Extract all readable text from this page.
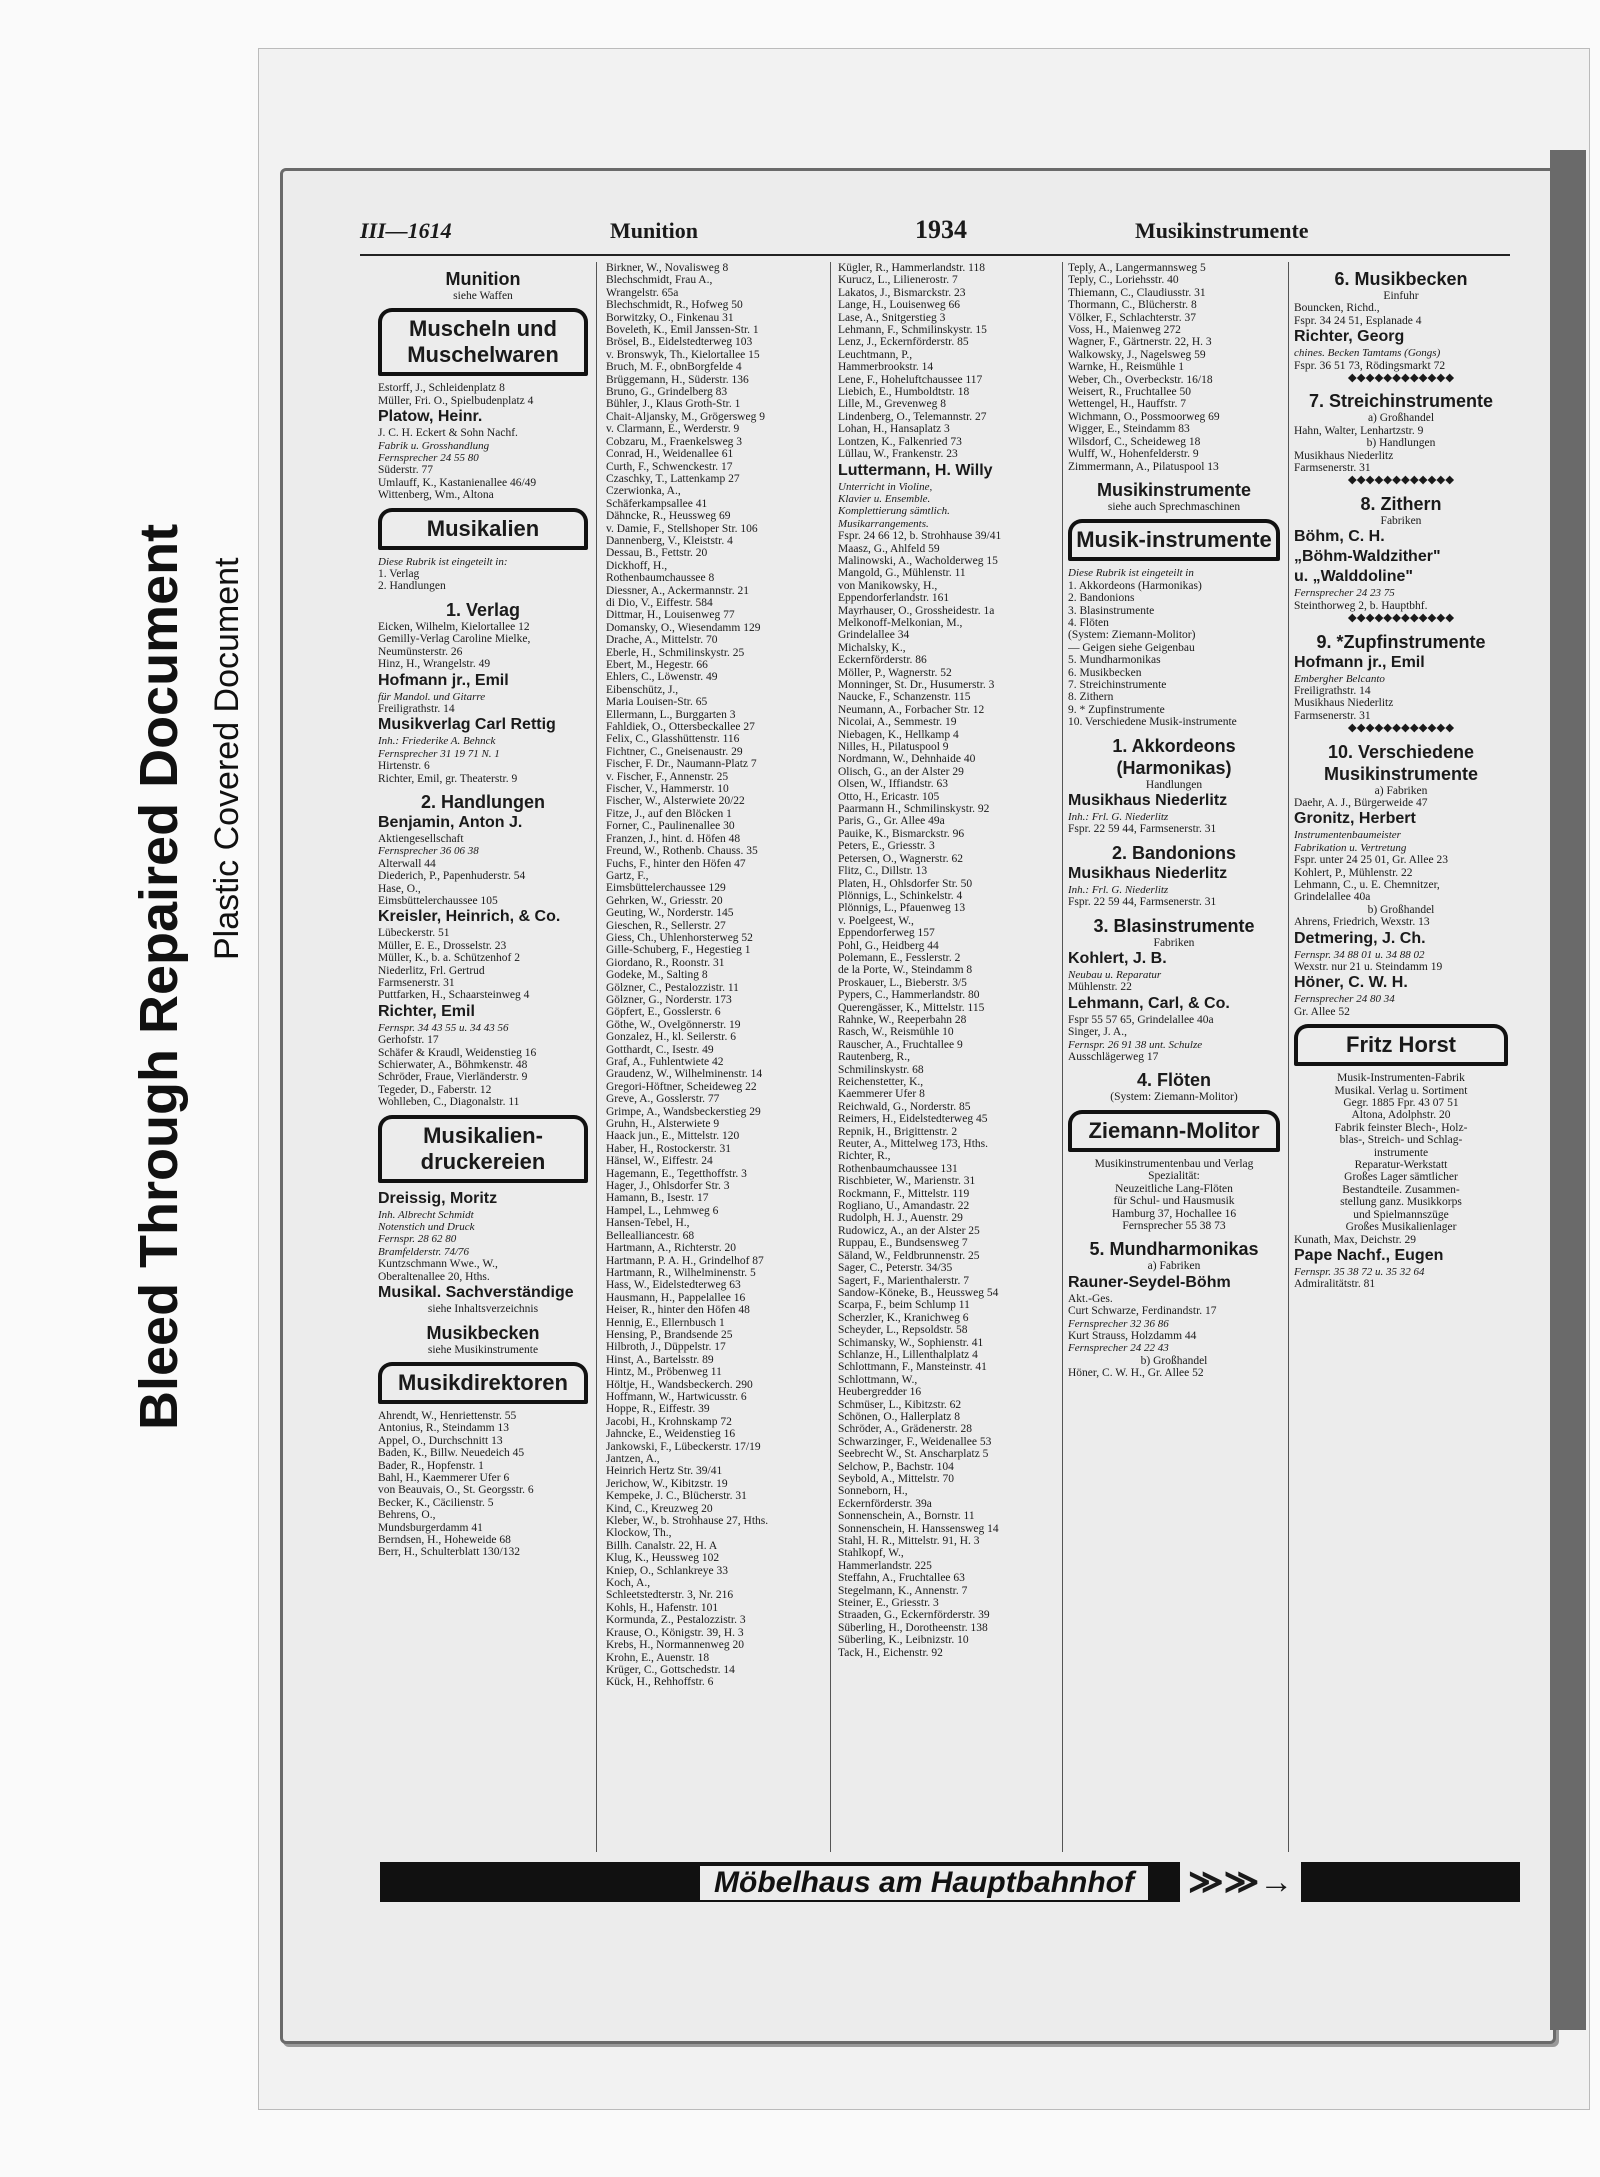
Bleed Through Repaired Document Plastic Covered Document
III—1614	Munition	1934	Musikinstrumente
Munition
siehe Waffen
Muscheln und Muschelwaren
Estorff, J., Schleidenplatz 8
Müller, Fri. O., Spielbudenplatz 4
Platow, Heinr.
J. C. H. Eckert & Sohn Nachf.
Fabrik u. Grosshandlung
Fernsprecher 24 55 80
Süderstr. 77
Umlauff, K., Kastanienallee 46/49
Wittenberg, Wm., Altona
Musikalien
Diese Rubrik ist eingeteilt in:
1. Verlag
2. Handlungen
1. Verlag
Eicken, Wilhelm, Kielortallee 12
Gemilly-Verlag Caroline Mielke,
Neumünsterstr. 26
Hinz, H., Wrangelstr. 49
Hofmann jr., Emil
für Mandol. und Gitarre
Freiligrathstr. 14
Musikverlag Carl Rettig
Inh.: Friederike A. Behnck
Fernsprecher 31 19 71 N. 1
Hirtenstr. 6
Richter, Emil, gr. Theaterstr. 9
2. Handlungen
Benjamin, Anton J.
Aktiengesellschaft
Fernsprecher 36 06 38
Alterwall 44
Diederich, P., Papenhuderstr. 54
Hase, O.,
Eimsbüttelerchaussee 105
Kreisler, Heinrich, & Co.
Lübeckerstr. 51
Müller, E. E., Drosselstr. 23
Müller, K., b. a. Schützenhof 2
Niederlitz, Frl. Gertrud
Farmsenerstr. 31
Puttfarken, H., Schaarsteinweg 4
Richter, Emil
Fernspr. 34 43 55 u. 34 43 56
Gerhofstr. 17
Schäfer & Kraudl, Weidenstieg 16
Schierwater, A., Böhmkenstr. 48
Schröder, Fraue, Vierländerstr. 9
Tegeder, D., Faberstr. 12
Wohlleben, C., Diagonalstr. 11
Musikalien-druckereien
Dreissig, Moritz
Inh. Albrecht Schmidt
Notenstich und Druck
Fernspr. 28 62 80
Bramfelderstr. 74/76
Kuntzschmann Wwe., W.,
Oberaltenallee 20, Hths.
Musikal. Sachverständige
siehe Inhaltsverzeichnis
Musikbecken
siehe Musikinstrumente
Musikdirektoren
Ahrendt, W., Henriettenstr. 55
Antonius, R., Steindamm 13
Appel, O., Durchschnitt 13
Baden, K., Billw. Neuedeich 45
Bader, R., Hopfenstr. 1
Bahl, H., Kaemmerer Ufer 6
von Beauvais, O., St. Georgsstr. 6
Becker, K., Cäcilienstr. 5
Behrens, O.,
Mundsburgerdamm 41
Berndsen, H., Hoheweide 68
Berr, H., Schulterblatt 130/132
Birkner, W., Novalisweg 8
Blechschmidt, Frau A.,
Wrangelstr. 65a
Blechschmidt, R., Hofweg 50
Borwitzky, O., Finkenau 31
Boveleth, K., Emil Janssen-Str. 1
Brösel, B., Eidelstedterweg 103
v. Bronswyk, Th., Kielortallee 15
Bruch, M. F., obnBorgfelde 4
Brüggemann, H., Süderstr. 136
Bruno, G., Grindelberg 83
Bühler, J., Klaus Groth-Str. 1
Chait-Aljansky, M., Grögersweg 9
v. Clarmann, E., Werderstr. 9
Cobzaru, M., Fraenkelsweg 3
Conrad, H., Weidenallee 61
Curth, F., Schwenckestr. 17
Czaschky, T., Lattenkamp 27
Czerwionka, A.,
Schäferkampsallee 41
Dähncke, R., Heussweg 69
v. Damie, F., Stellshoper Str. 106
Dannenberg, V., Kleiststr. 4
Dessau, B., Fettstr. 20
Dickhoff, H.,
Rothenbaumchaussee 8
Diessner, A., Ackermannstr. 21
di Dio, V., Eiffestr. 584
Dittmar, H., Louisenweg 77
Domansky, O., Wiesendamm 129
Drache, A., Mittelstr. 70
Eberle, H., Schmilinskystr. 25
Ebert, M., Hegestr. 66
Ehlers, C., Löwenstr. 49
Eibenschütz, J.,
Maria Louisen-Str. 65
Ellermann, L., Burggarten 3
Fahldiek, O., Ottersbeckallee 27
Felix, C., Glasshüttenstr. 116
Fichtner, C., Gneisenaustr. 29
Fischer, F. Dr., Naumann-Platz 7
v. Fischer, F., Annenstr. 25
Fischer, V., Hammerstr. 10
Fischer, W., Alsterwiete 20/22
Fitze, J., auf den Blöcken 1
Forner, C., Paulinenallee 30
Franzen, J., hint. d. Höfen 48
Freund, W., Rothenb. Chauss. 35
Fuchs, F., hinter den Höfen 47
Gartz, F.,
Eimsbüttelerchaussee 129
Gehrken, W., Griesstr. 20
Geuting, W., Norderstr. 145
Gieschen, R., Sellerstr. 27
Giess, Ch., Uhlenhorsterweg 52
Gille-Schuberg, F., Hegestieg 1
Giordano, R., Roonstr. 31
Godeke, M., Salting 8
Gölzner, C., Pestalozzistr. 11
Gölzner, G., Norderstr. 173
Göpfert, E., Gosslerstr. 6
Göthe, W., Ovelgönnerstr. 19
Gonzalez, H., kl. Seilerstr. 6
Gotthardt, C., Isestr. 49
Graf, A., Fuhlentwiete 42
Graudenz, W., Wilhelminenstr. 14
Gregori-Höftner, Scheideweg 22
Greve, A., Gosslerstr. 77
Grimpe, A., Wandsbeckerstieg 29
Gruhn, H., Alsterwiete 9
Haack jun., E., Mittelstr. 120
Haber, H., Rostockerstr. 31
Hänsel, W., Eiffestr. 24
Hagemann, E., Tegetthoffstr. 3
Hager, J., Ohlsdorfer Str. 3
Hamann, B., Isestr. 17
Hampel, L., Lehmweg 6
Hansen-Tebel, H.,
Bellealliancestr. 68
Hartmann, A., Richterstr. 20
Hartmann, P. A. H., Grindelhof 87
Hartmann, R., Wilhelminenstr. 5
Hass, W., Eidelstedterweg 63
Hausmann, H., Pappelallee 16
Heiser, R., hinter den Höfen 48
Hennig, E., Ellernbusch 1
Hensing, P., Brandsende 25
Hilbroth, J., Düppelstr. 17
Hinst, A., Bartelsstr. 89
Hintz, M., Pröbenweg 11
Höltje, H., Wandsbeckerch. 290
Hoffmann, W., Hartwicusstr. 6
Hoppe, R., Eiffestr. 39
Jacobi, H., Krohnskamp 72
Jahncke, E., Weidenstieg 16
Jankowski, F., Lübeckerstr. 17/19
Jantzen, A.,
Heinrich Hertz Str. 39/41
Jerichow, W., Kibitzstr. 19
Kempeke, J. C., Blücherstr. 31
Kind, C., Kreuzweg 20
Kleber, W., b. Strohhause 27, Hths.
Klockow, Th.,
Billh. Canalstr. 22, H. A
Klug, K., Heussweg 102
Kniep, O., Schlankreye 33
Koch, A.,
Schleetstedterstr. 3, Nr. 216
Kohls, H., Hafenstr. 101
Kormunda, Z., Pestalozzistr. 3
Krause, O., Königstr. 39, H. 3
Krebs, H., Normannenweg 20
Krohn, E., Auenstr. 18
Krüger, C., Gottschedstr. 14
Kück, H., Rehhoffstr. 6
Kügler, R., Hammerlandstr. 118
Kurucz, L., Lilienerostr. 7
Lakatos, J., Bismarckstr. 23
Lange, H., Louisenweg 66
Lase, A., Snitgerstieg 3
Lehmann, F., Schmilinskystr. 15
Lenz, J., Eckernförderstr. 85
Leuchtmann, P.,
Hammerbrookstr. 14
Lene, F., Hoheluftchaussee 117
Liebich, E., Humboldtstr. 18
Lille, M., Grevenweg 8
Lindenberg, O., Telemannstr. 27
Lohan, H., Hansaplatz 3
Lontzen, K., Falkenried 73
Lüllau, W., Frankenstr. 23
Luttermann, H. Willy
Unterricht in Violine,
Klavier u. Ensemble.
Komplettierung sämtlich.
Musikarrangements.
Fspr. 24 66 12, b. Strohhause 39/41
Maasz, G., Ahlfeld 59
Malinowski, A., Wacholderweg 15
Mangold, G., Mühlenstr. 11
von Manikowsky, H.,
Eppendorferlandstr. 161
Mayrhauser, O., Grossheidestr. 1a
Melkonoff-Melkonian, M.,
Grindelallee 34
Michalsky, K.,
Eckernförderstr. 86
Möller, P., Wagnerstr. 52
Monninger, St. Dr., Husumerstr. 3
Naucke, F., Schanzenstr. 115
Neumann, A., Forbacher Str. 12
Nicolai, A., Semmestr. 19
Niebagen, K., Hellkamp 4
Nilles, H., Pilatuspool 9
Nordmann, W., Dehnhaide 40
Olisch, G., an der Alster 29
Olsen, W., Iffiandstr. 63
Otto, H., Ericastr. 105
Paarmann H., Schmilinskystr. 92
Paris, G., Gr. Allee 49a
Pauike, K., Bismarckstr. 96
Peters, E., Griesstr. 3
Petersen, O., Wagnerstr. 62
Flitz, C., Dillstr. 13
Platen, H., Ohlsdorfer Str. 50
Plönnigs, L., Schinkelstr. 4
Plönnigs, L., Pfauenweg 13
v. Poelgeest, W.,
Eppendorferweg 157
Pohl, G., Heidberg 44
Polemann, E., Fesslerstr. 2
de la Porte, W., Steindamm 8
Proskauer, L., Bieberstr. 3/5
Pypers, C., Hammerlandstr. 80
Querengässer, K., Mittelstr. 115
Rahnke, W., Reeperbahn 28
Rasch, W., Reismühle 10
Rauscher, A., Fruchtallee 9
Rautenberg, R.,
Schmilinskystr. 68
Reichenstetter, K.,
Kaemmerer Ufer 8
Reichwald, G., Norderstr. 85
Reimers, H., Eidelstedterweg 45
Repnik, H., Brigittenstr. 2
Reuter, A., Mittelweg 173, Hths.
Richter, R.,
Rothenbaumchaussee 131
Rischbieter, W., Marienstr. 31
Rockmann, F., Mittelstr. 119
Rogliano, U., Amandastr. 22
Rudolph, H. J., Auenstr. 29
Rudowicz, A., an der Alster 25
Ruppau, E., Bundsensweg 7
Säland, W., Feldbrunnenstr. 25
Sager, C., Peterstr. 34/35
Sagert, F., Marienthalerstr. 7
Sandow-Köneke, B., Heussweg 54
Scarpa, F., beim Schlump 11
Scherzler, K., Kranichweg 6
Scheyder, L., Repsoldstr. 58
Schimansky, W., Sophienstr. 41
Schlanze, H., Lillenthalplatz 4
Schlottmann, F., Mansteinstr. 41
Schlottmann, W.,
Heubergredder 16
Schmüser, L., Kibitzstr. 62
Schönen, O., Hallerplatz 8
Schröder, A., Grädenerstr. 28
Schwarzinger, F., Weidenallee 53
Seebrecht W., St. Anscharplatz 5
Selchow, P., Bachstr. 104
Seybold, A., Mittelstr. 70
Sonneborn, H.,
Eckernförderstr. 39a
Sonnenschein, A., Bornstr. 11
Sonnenschein, H. Hanssensweg 14
Stahl, H. R., Mittelstr. 91, H. 3
Stahlkopf, W.,
Hammerlandstr. 225
Steffahn, A., Fruchtallee 63
Stegelmann, K., Annenstr. 7
Steiner, E., Griesstr. 3
Straaden, G., Eckernförderstr. 39
Süberling, H., Dorotheenstr. 138
Süberling, K., Leibnizstr. 10
Tack, H., Eichenstr. 92
Teply, A., Langermannsweg 5
Teply, C., Loriehsstr. 40
Thiemann, C., Claudiusstr. 31
Thormann, C., Blücherstr. 8
Völker, F., Schlachterstr. 37
Voss, H., Maienweg 272
Wagner, F., Gärtnerstr. 22, H. 3
Walkowsky, J., Nagelsweg 59
Warnke, H., Reismühle 1
Weber, Ch., Overbeckstr. 16/18
Weisert, R., Fruchtallee 50
Wettengel, H., Hauffstr. 7
Wichmann, O., Possmoorweg 69
Wigger, E., Steindamm 83
Wilsdorf, C., Scheideweg 18
Wulff, W., Hohenfelderstr. 9
Zimmermann, A., Pilatuspool 13
Musikinstrumente
siehe auch Sprechmaschinen
Musik-instrumente
Diese Rubrik ist eingeteilt in
1. Akkordeons (Harmonikas)
2. Bandonions
3. Blasinstrumente
4. Flöten
(System: Ziemann-Molitor)
— Geigen siehe Geigenbau
5. Mundharmonikas
6. Musikbecken
7. Streichinstrumente
8. Zithern
9. * Zupfinstrumente
10. Verschiedene Musik-instrumente
1. Akkordeons (Harmonikas)
Handlungen
Musikhaus Niederlitz
Inh.: Frl. G. Niederlitz
Fspr. 22 59 44, Farmsenerstr. 31
2. Bandonions
Musikhaus Niederlitz
Inh.: Frl. G. Niederlitz
Fspr. 22 59 44, Farmsenerstr. 31
3. Blasinstrumente
Fabriken
Kohlert, J. B.
Neubau u. Reparatur
Mühlenstr. 22
Lehmann, Carl, & Co.
Fspr 55 57 65, Grindelallee 40a
Singer, J. A.,
Fernspr. 26 91 38 unt. Schulze
Ausschlägerweg 17
4. Flöten
(System: Ziemann-Molitor)
Ziemann-Molitor
Musikinstrumentenbau und Verlag
Spezialität:
Neuzeitliche Lang-Flöten
für Schul- und Hausmusik
Hamburg 37, Hochallee 16
Fernsprecher 55 38 73
5. Mundharmonikas
a) Fabriken
Rauner-Seydel-Böhm
Akt.-Ges.
Curt Schwarze, Ferdinandstr. 17
Fernsprecher 32 36 86
Kurt Strauss, Holzdamm 44
Fernsprecher 24 22 43
b) Großhandel
Höner, C. W. H., Gr. Allee 52
6. Musikbecken
Einfuhr
Bouncken, Richd.,
Fspr. 34 24 51, Esplanade 4
Richter, Georg
chines. Becken Tamtams (Gongs)
Fspr. 36 51 73, Rödingsmarkt 72
◆◆◆◆◆◆◆◆◆◆◆◆
7. Streichinstrumente
a) Großhandel
Hahn, Walter, Lenhartzstr. 9
b) Handlungen
Musikhaus Niederlitz
Farmsenerstr. 31
◆◆◆◆◆◆◆◆◆◆◆◆
8. Zithern
Fabriken
Böhm, C. H.
„Böhm-Waldzither"
u. „Walddoline"
Fernsprecher 24 23 75
Steinthorweg 2, b. Hauptbhf.
◆◆◆◆◆◆◆◆◆◆◆◆
9. *Zupfinstrumente
Hofmann jr., Emil
Embergher Belcanto
Freiligrathstr. 14
Musikhaus Niederlitz
Farmsenerstr. 31
◆◆◆◆◆◆◆◆◆◆◆◆
10. Verschiedene Musikinstrumente
a) Fabriken
Daehr, A. J., Bürgerweide 47
Gronitz, Herbert
Instrumentenbaumeister
Fabrikation u. Vertretung
Fspr. unter 24 25 01, Gr. Allee 23
Kohlert, P., Mühlenstr. 22
Lehmann, C., u. E. Chemnitzer,
Grindelallee 40a
b) Großhandel
Ahrens, Friedrich, Wexstr. 13
Detmering, J. Ch.
Fernspr. 34 88 01 u. 34 88 02
Wexstr. nur 21 u. Steindamm 19
Höner, C. W. H.
Fernsprecher 24 80 34
Gr. Allee 52
Fritz Horst
Musik-Instrumenten-Fabrik
Musikal. Verlag u. Sortiment
Gegr. 1885 Fpr. 43 07 51
Altona, Adolphstr. 20
Fabrik feinster Blech-, Holz-
blas-, Streich- und Schlag-
instrumente
Reparatur-Werkstatt
Großes Lager sämtlicher
Bestandteile. Zusammen-
stellung ganz. Musikkorps
und Spielmannszüge
Großes Musikalienlager
Kunath, Max, Deichstr. 29
Pape Nachf., Eugen
Fernspr. 35 38 72 u. 35 32 64
Admiralitätstr. 81
Möbelhaus am Hauptbahnhof	≫≫→
